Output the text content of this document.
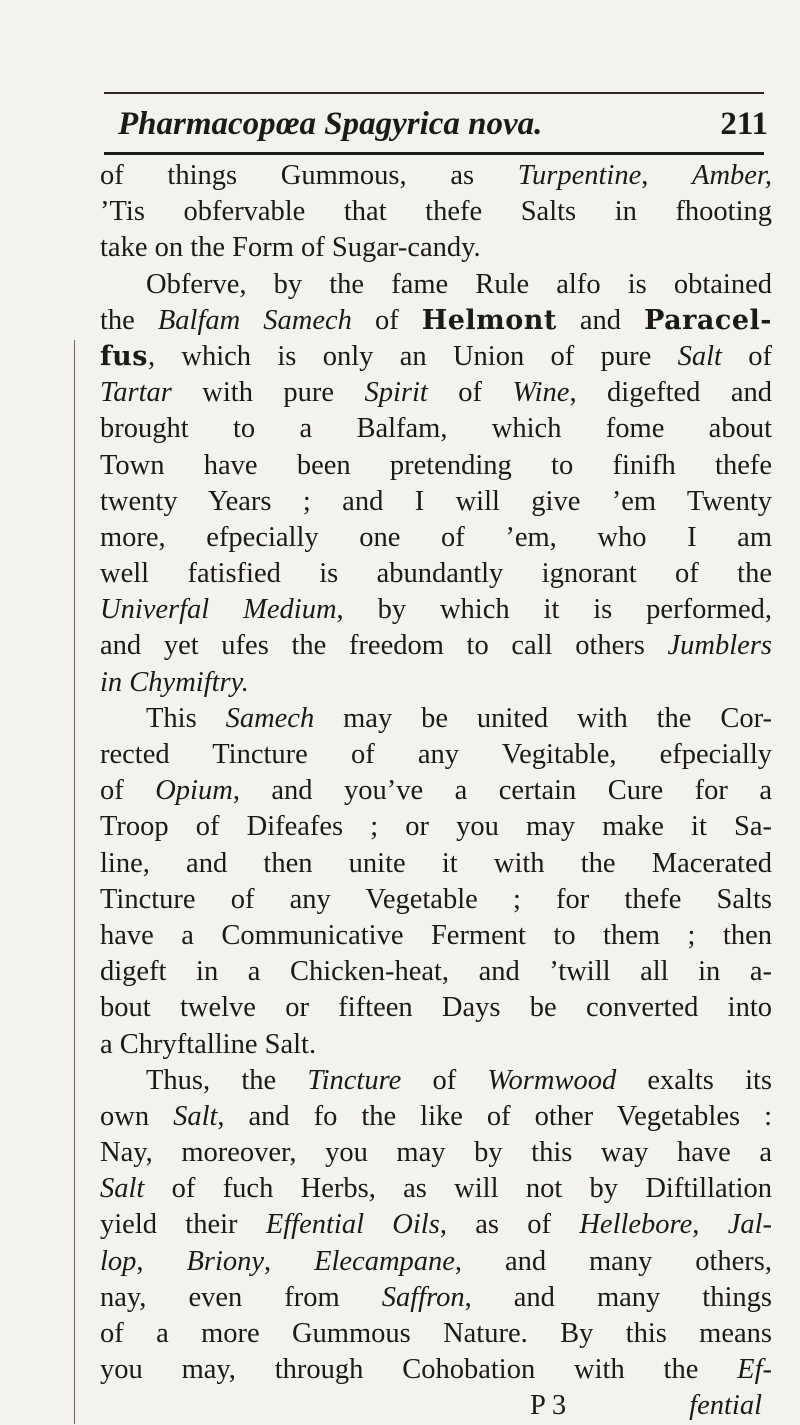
Pharmacopœa Spagyrica nova.	211
of things Gummous, as Turpentine, Amber,
’Tis obfervable that thefe Salts in fhooting
take on the Form of Sugar-candy.
Obferve, by the fame Rule alfo is obtained
the Balfam Samech of Helmont and Paracel-
fus, which is only an Union of pure Salt of
Tartar with pure Spirit of Wine, digefted and
brought to a Balfam, which fome about
Town have been pretending to finifh thefe
twenty Years ; and I will give ’em Twenty
more, efpecially one of ’em, who I am
well fatisfied is abundantly ignorant of the
Univerfal Medium, by which it is performed,
and yet ufes the freedom to call others Jumblers
in Chymiftry.
This Samech may be united with the Cor-
rected Tincture of any Vegitable, efpecially
of Opium, and you’ve a certain Cure for a
Troop of Difeafes ; or you may make it Sa-
line, and then unite it with the Macerated
Tincture of any Vegetable ; for thefe Salts
have a Communicative Ferment to them ; then
digeft in a Chicken-heat, and ’twill all in a-
bout twelve or fifteen Days be converted into
a Chryftalline Salt.
Thus, the Tincture of Wormwood exalts its
own Salt, and fo the like of other Vegetables :
Nay, moreover, you may by this way have a
Salt of fuch Herbs, as will not by Diftillation
yield their Effential Oils, as of Hellebore, Jal-
lop, Briony, Elecampane, and many others,
nay, even from Saffron, and many things
of a more Gummous Nature. By this means
you may, through Cohobation with the Ef-
P 3	fential
